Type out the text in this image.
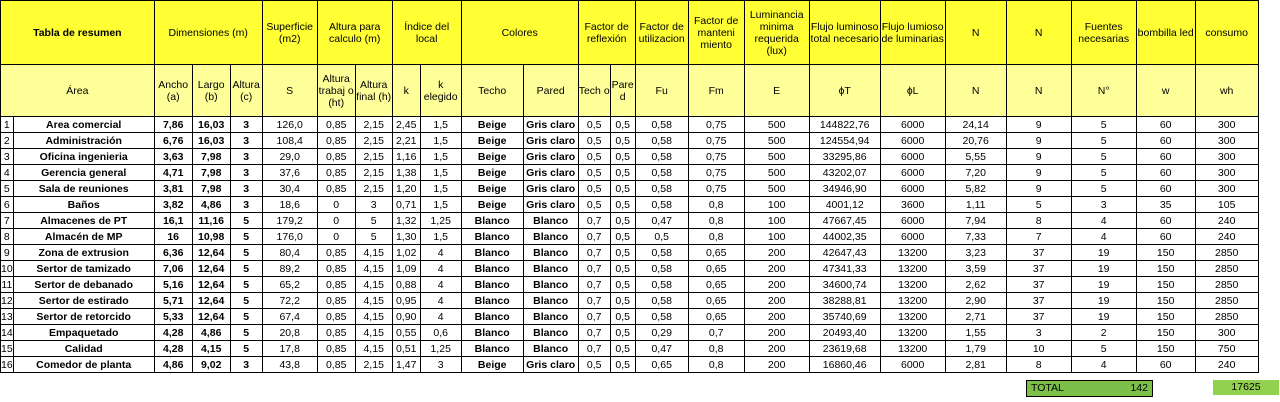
Tabla de resumen		Dimensiones (m)			Superficie (m2)	Altura para calculo (m)		Índice del local		Colores		Factor de reflexión		Factor de utilizacion	Factor de manteni miento	Luminancia minima requerida (lux)	Flujo luminoso total necesario	Flujo lumioso de luminarias	N	N	Fuentes necesarias	bombilla led	consumo
Área		Ancho (a)	Largo (b)	Altura (c)	S	Altura trabaj o (ht)	Altura final (h)	k	k elegido	Techo	Pared	Tech o	Pare d	Fu	Fm	E	ɸT	ɸL	N	N	N°	w	wh
1	Area comercial	7,86	16,03	3	126,0	0,85	2,15	2,45	1,5	Beige	Gris claro	0,5	0,5	0,58	0,75	500	144822,76	6000	24,14	9	5	60	300
2	Administración	6,76	16,03	3	108,4	0,85	2,15	2,21	1,5	Beige	Gris claro	0,5	0,5	0,58	0,75	500	124554,94	6000	20,76	9	5	60	300
3	Oficina ingenieria	3,63	7,98	3	29,0	0,85	2,15	1,16	1,5	Beige	Gris claro	0,5	0,5	0,58	0,75	500	33295,86	6000	5,55	9	5	60	300
4	Gerencia general	4,71	7,98	3	37,6	0,85	2,15	1,38	1,5	Beige	Gris claro	0,5	0,5	0,58	0,75	500	43202,07	6000	7,20	9	5	60	300
5	Sala de reuniones	3,81	7,98	3	30,4	0,85	2,15	1,20	1,5	Beige	Gris claro	0,5	0,5	0,58	0,75	500	34946,90	6000	5,82	9	5	60	300
6	Baños	3,82	4,86	3	18,6	0	3	0,71	1,5	Beige	Gris claro	0,5	0,5	0,58	0,8	100	4001,12	3600	1,11	5	3	35	105
7	Almacenes de PT	16,1	11,16	5	179,2	0	5	1,32	1,25	Blanco	Blanco	0,7	0,5	0,47	0,8	100	47667,45	6000	7,94	8	4	60	240
8	Almacén de MP	16	10,98	5	176,0	0	5	1,30	1,5	Blanco	Blanco	0,7	0,5	0,5	0,8	100	44002,35	6000	7,33	7	4	60	240
9	Zona de extrusion	6,36	12,64	5	80,4	0,85	4,15	1,02	4	Blanco	Blanco	0,7	0,5	0,58	0,65	200	42647,43	13200	3,23	37	19	150	2850
10	Sertor de tamizado	7,06	12,64	5	89,2	0,85	4,15	1,09	4	Blanco	Blanco	0,7	0,5	0,58	0,65	200	47341,33	13200	3,59	37	19	150	2850
11	Sertor de debanado	5,16	12,64	5	65,2	0,85	4,15	0,88	4	Blanco	Blanco	0,7	0,5	0,58	0,65	200	34600,74	13200	2,62	37	19	150	2850
12	Sertor de estirado	5,71	12,64	5	72,2	0,85	4,15	0,95	4	Blanco	Blanco	0,7	0,5	0,58	0,65	200	38288,81	13200	2,90	37	19	150	2850
13	Sertor de retorcido	5,33	12,64	5	67,4	0,85	4,15	0,90	4	Blanco	Blanco	0,7	0,5	0,58	0,65	200	35740,69	13200	2,71	37	19	150	2850
14	Empaquetado	4,28	4,86	5	20,8	0,85	4,15	0,55	0,6	Blanco	Blanco	0,7	0,5	0,29	0,7	200	20493,40	13200	1,55	3	2	150	300
15	Calidad	4,28	4,15	5	17,8	0,85	4,15	0,51	1,25	Blanco	Blanco	0,7	0,5	0,47	0,8	200	23619,68	13200	1,79	10	5	150	750
16	Comedor de planta	4,86	9,02	3	43,8	0,85	2,15	1,47	3	Beige	Gris claro	0,5	0,5	0,65	0,8	200	16860,46	6000	2,81	8	4	60	240
TOTAL	142	17625
